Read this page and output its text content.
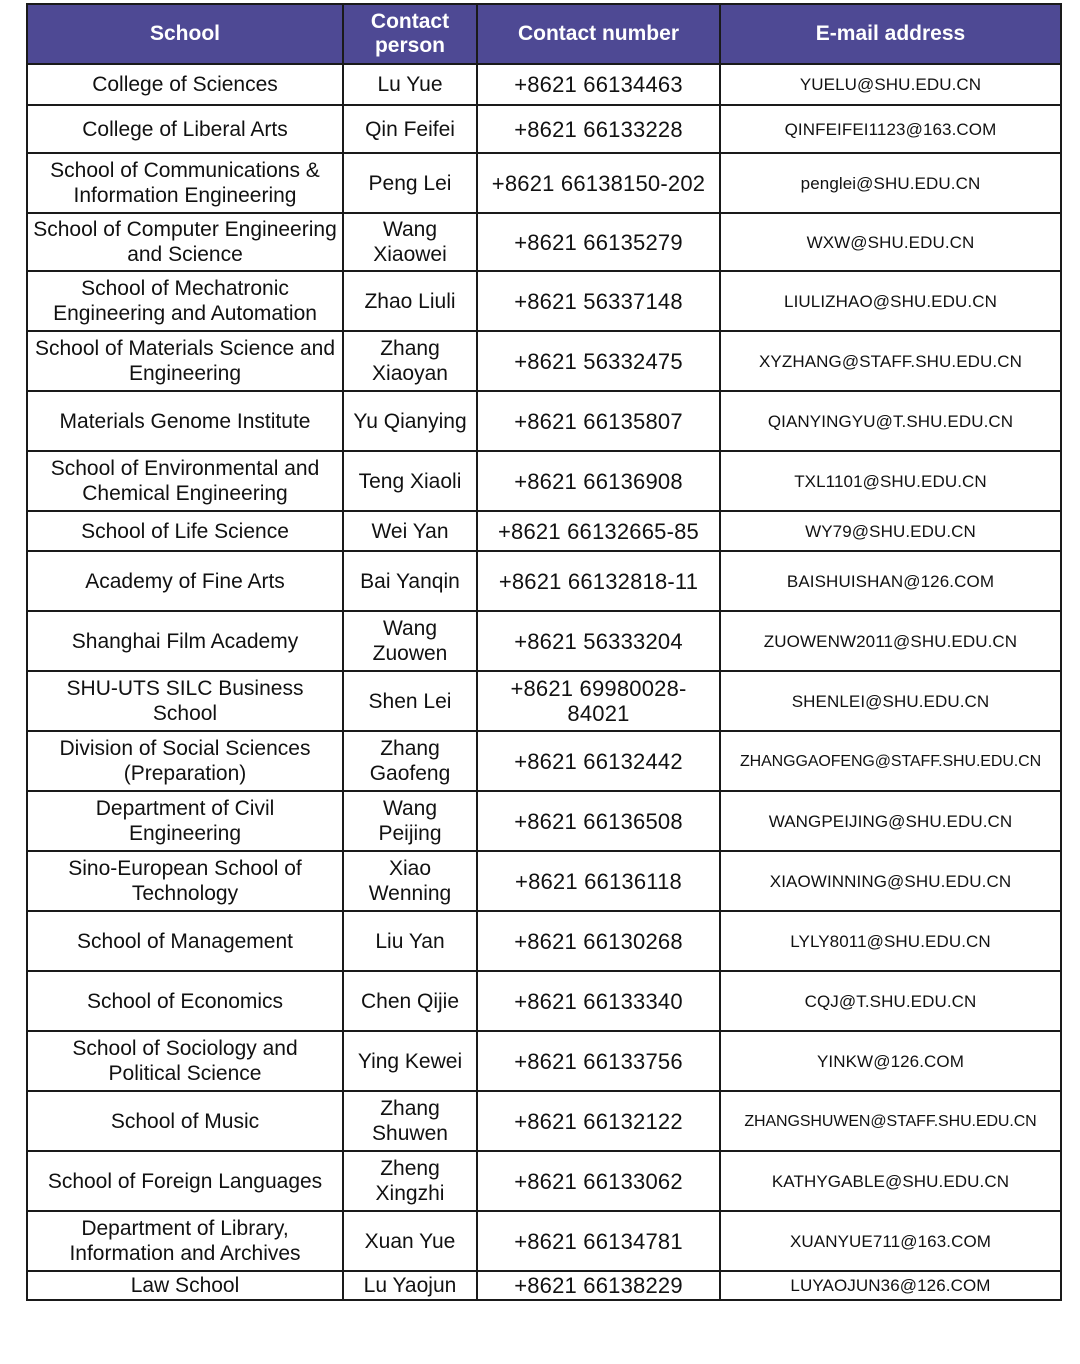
School	Contact person	Contact number	E-mail address
College of Sciences	Lu Yue	+8621 66134463	YUELU@SHU.EDU.CN
College of Liberal Arts	Qin Feifei	+8621 66133228	QINFEIFEI1123@163.COM
School of Communications & Information Engineering	Peng Lei	+8621 66138150-202	penglei@SHU.EDU.CN
School of Computer Engineering and Science	Wang Xiaowei	+8621 66135279	WXW@SHU.EDU.CN
School of Mechatronic Engineering and Automation	Zhao Liuli	+8621 56337148	LIULIZHAO@SHU.EDU.CN
School of Materials Science and Engineering	Zhang Xiaoyan	+8621 56332475	XYZHANG@STAFF.SHU.EDU.CN
Materials Genome Institute	Yu Qianying	+8621 66135807	QIANYINGYU@T.SHU.EDU.CN
School of Environmental and Chemical Engineering	Teng Xiaoli	+8621 66136908	TXL1101@SHU.EDU.CN
School of Life Science	Wei Yan	+8621 66132665-85	WY79@SHU.EDU.CN
Academy of Fine Arts	Bai Yanqin	+8621 66132818-11	BAISHUISHAN@126.COM
Shanghai Film Academy	Wang Zuowen	+8621 56333204	ZUOWENW2011@SHU.EDU.CN
SHU-UTS SILC Business School	Shen Lei	+8621 69980028-84021	SHENLEI@SHU.EDU.CN
Division of Social Sciences (Preparation)	Zhang Gaofeng	+8621 66132442	ZHANGGAOFENG@STAFF.SHU.EDU.CN
Department of Civil Engineering	Wang Peijing	+8621 66136508	WANGPEIJING@SHU.EDU.CN
Sino-European School of Technology	Xiao Wenning	+8621 66136118	XIAOWINNING@SHU.EDU.CN
School of Management	Liu Yan	+8621 66130268	LYLY8011@SHU.EDU.CN
School of Economics	Chen Qijie	+8621 66133340	CQJ@T.SHU.EDU.CN
School of Sociology and Political Science	Ying Kewei	+8621 66133756	YINKW@126.COM
School of Music	Zhang Shuwen	+8621 66132122	ZHANGSHUWEN@STAFF.SHU.EDU.CN
School of Foreign Languages	Zheng Xingzhi	+8621 66133062	KATHYGABLE@SHU.EDU.CN
Department of Library, Information and Archives	Xuan Yue	+8621 66134781	XUANYUE711@163.COM
Law School	Lu Yaojun	+8621 66138229	LUYAOJUN36@126.COM
